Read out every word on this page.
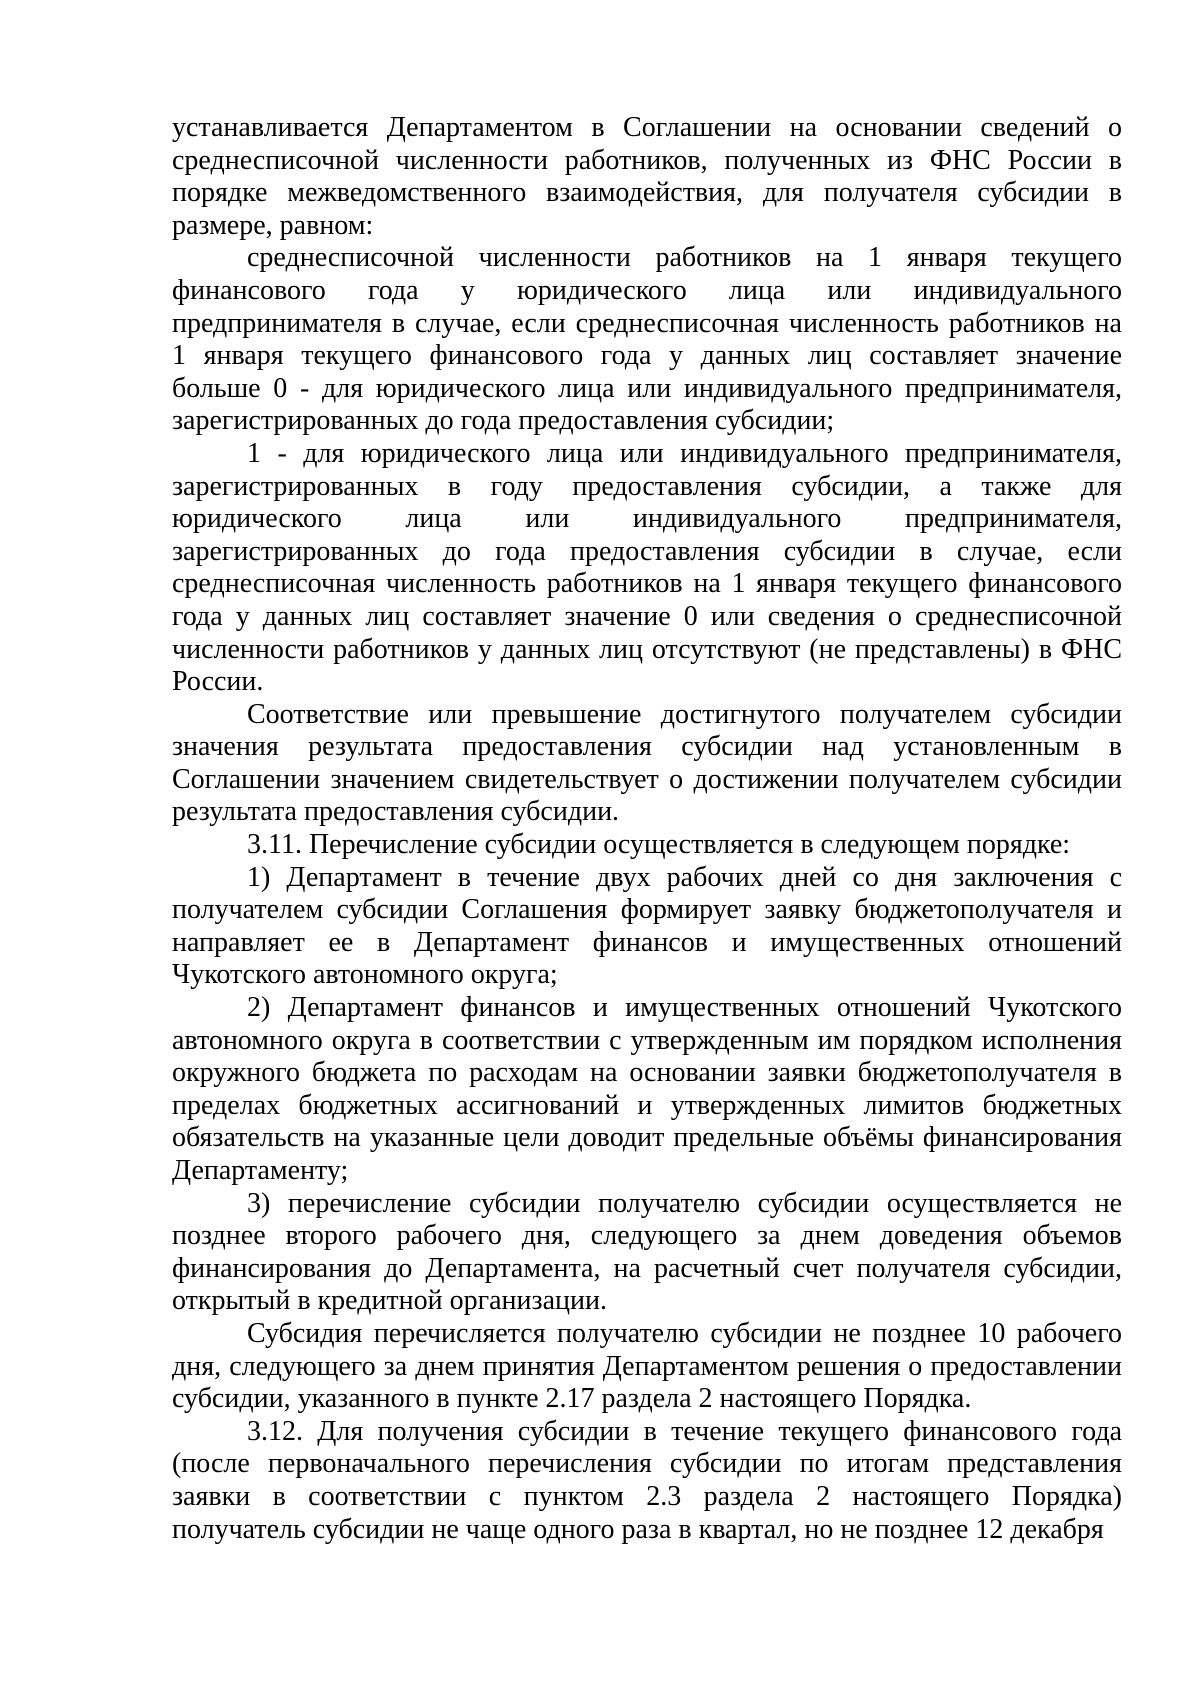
устанавливается Департаментом в Соглашении на основании сведений о среднесписочной численности работников, полученных из ФНС России в порядке межведомственного взаимодействия, для получателя субсидии в размере, равном:

среднесписочной численности работников на 1 января текущего финансового года у юридического лица или индивидуального предпринимателя в случае, если среднесписочная численность работников на 1 января текущего финансового года у данных лиц составляет значение больше 0 - для юридического лица или индивидуального предпринимателя, зарегистрированных до года предоставления субсидии;

1 - для юридического лица или индивидуального предпринимателя, зарегистрированных в году предоставления субсидии, а также для юридического лица или индивидуального предпринимателя, зарегистрированных до года предоставления субсидии в случае, если среднесписочная численность работников на 1 января текущего финансового года у данных лиц составляет значение 0 или сведения о среднесписочной численности работников у данных лиц отсутствуют (не представлены) в ФНС России.

Соответствие или превышение достигнутого получателем субсидии значения результата предоставления субсидии над установленным в Соглашении значением свидетельствует о достижении получателем субсидии результата предоставления субсидии.

3.11. Перечисление субсидии осуществляется в следующем порядке:

1) Департамент в течение двух рабочих дней со дня заключения с получателем субсидии Соглашения формирует заявку бюджетополучателя и направляет ее в Департамент финансов и имущественных отношений Чукотского автономного округа;

2) Департамент финансов и имущественных отношений Чукотского автономного округа в соответствии с утвержденным им порядком исполнения окружного бюджета по расходам на основании заявки бюджетополучателя в пределах бюджетных ассигнований и утвержденных лимитов бюджетных обязательств на указанные цели доводит предельные объёмы финансирования Департаменту;

3) перечисление субсидии получателю субсидии осуществляется не позднее второго рабочего дня, следующего за днем доведения объемов финансирования до Департамента, на расчетный счет получателя субсидии, открытый в кредитной организации.

Субсидия перечисляется получателю субсидии не позднее 10 рабочего дня, следующего за днем принятия Департаментом решения о предоставлении субсидии, указанного в пункте 2.17 раздела 2 настоящего Порядка.

3.12. Для получения субсидии в течение текущего финансового года (после первоначального перечисления субсидии по итогам представления заявки в соответствии с пунктом 2.3 раздела 2 настоящего Порядка) получатель субсидии не чаще одного раза в квартал, но не позднее 12 декабря
